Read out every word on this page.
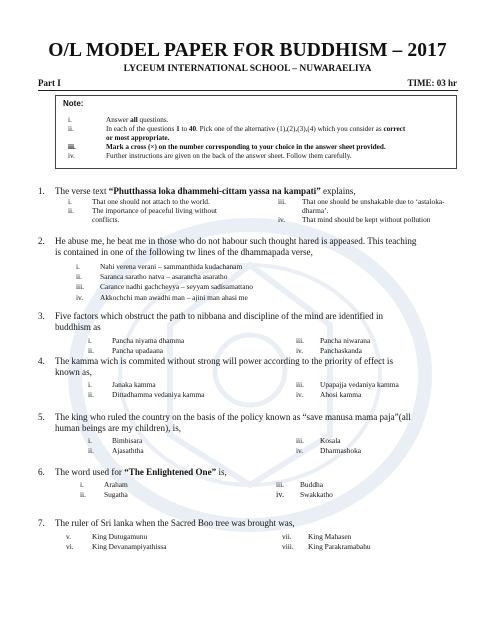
O/L MODEL PAPER FOR BUDDHISM – 2017
LYCEUM INTERNATIONAL SCHOOL – NUWARAELIYA
Part I	TIME: 03 hr
Note:
i.	Answer all questions.
ii.	In each of the questions 1 to 40. Pick one of the alternative (1),(2),(3),(4) which you consider as correct
or most appropriate.
iii.	Mark a cross (×) on the number corresponding to your choice in the answer sheet provided.
iv.	Further instructions are given on the back of the answer sheet. Follow them carefully.
1. The verse text “Phutthassa loka dhammehi-cittam yassa na kampati” explains,
i.	That one should not attach to the world.
ii. The importance of peaceful living without
conflicts.
iii. That one should be unshakable due to ‘astaloka-
dharma’.
iv. That mind should be kept without pollution
2. He abuse me, he beat me in those who do not habour such thought hared is appeased. This teaching
is contained in one of the following tw lines of the dhammapada verse,
i.	Nahi verena verani – sammanthida kudachanam
ii. Saranca saratho natva – asarancha asaratho
iii. Carance nadhi gachcheyya – seyyam sadisamattano
iv. Akkochchi man awadhi man – ajini man ahasi me
3. Five factors which obstruct the path to nibbana and discipline of the mind are identified in
buddhism as
i.	Pancha niyama dhamma
ii. Pancha upadaana
iii. Pancha niwarana
iv. Panchaskanda
4. The kamma wich is commited without strong will power according to the priority of effect is
known as,
i.	Janaka kamma
ii. Dittadhamma vedaniya kamma
iii. Upapajja vedaniya kamma
iv. Ahosi kamma
5. The king who ruled the country on the basis of the policy known as “save manusa mama paja”(all
human beings are my children), is,
i.	Bimbisara
ii. Ajasaththa
iii. Kosala
iv. Dharmashoka
6. The word used for “The Enlightened One” is,
i.	Araham
ii. Sugatha
iii. Buddha
iv. Swakkatho
7. The ruler of Sri lanka when the Sacred Boo tree was brought was,
v.	King Dutugamunu
vi. King Devanampiyathissa
vii. King Mahasen
viii. King Parakramabahu
